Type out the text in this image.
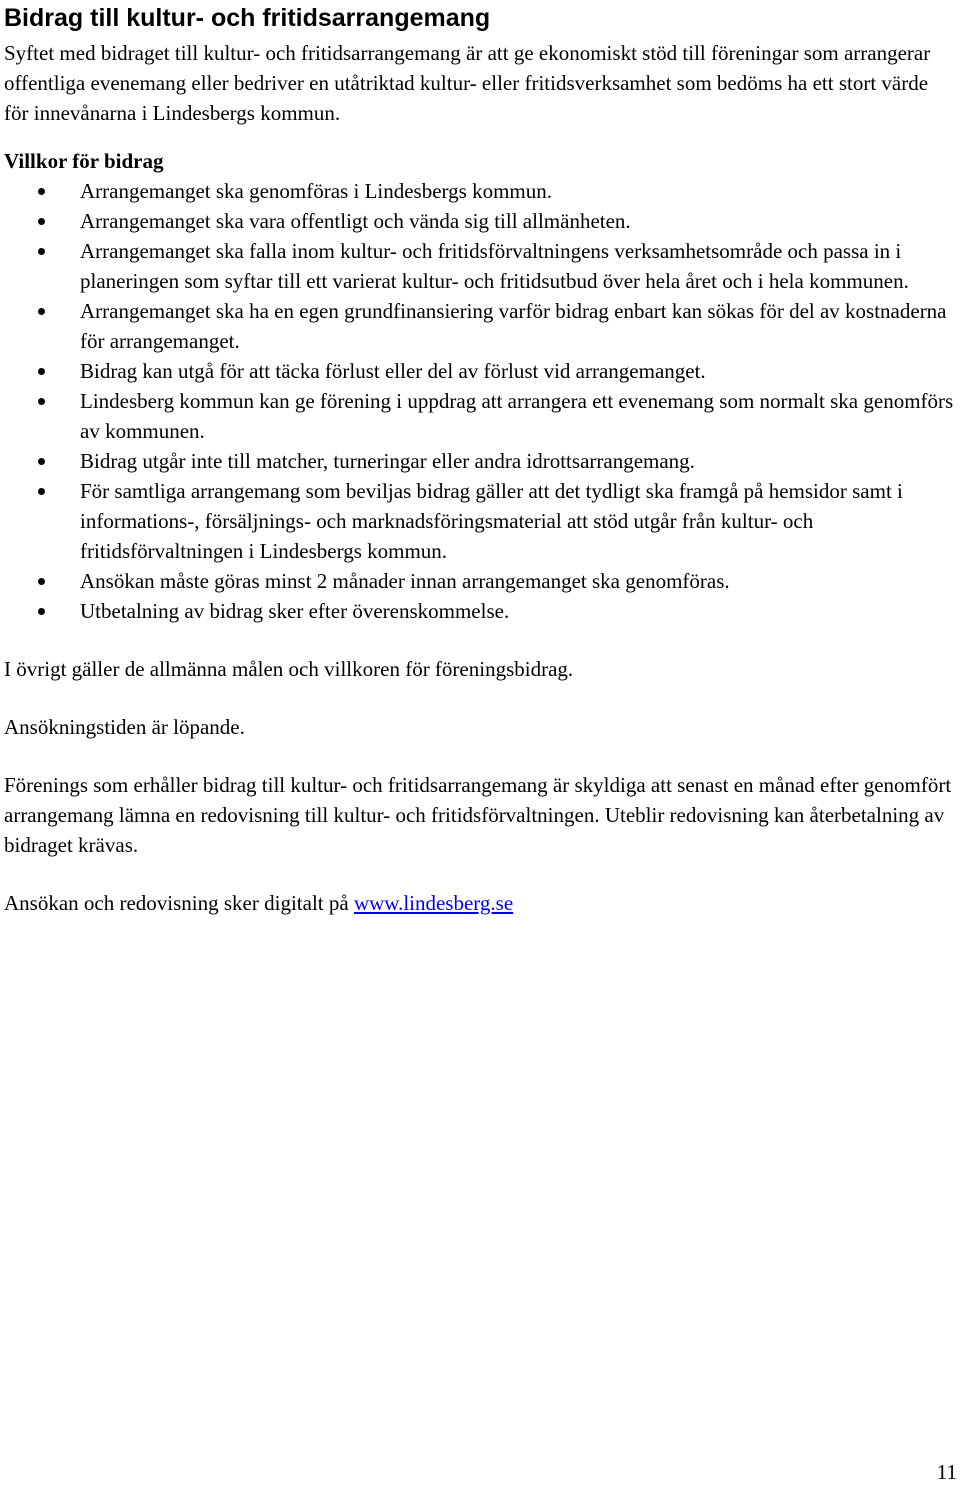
Bidrag till kultur- och fritidsarrangemang

Syftet med bidraget till kultur- och fritidsarrangemang är att ge ekonomiskt stöd till föreningar som arrangerar offentliga evenemang eller bedriver en utåtriktad kultur- eller fritidsverksamhet som bedöms ha ett stort värde för innevånarna i Lindesbergs kommun.

Villkor för bidrag
Arrangemanget ska genomföras i Lindesbergs kommun.
Arrangemanget ska vara offentligt och vända sig till allmänheten.
Arrangemanget ska falla inom kultur- och fritidsförvaltningens verksamhetsområde och passa in i planeringen som syftar till ett varierat kultur- och fritidsutbud över hela året och i hela kommunen.
Arrangemanget ska ha en egen grundfinansiering varför bidrag enbart kan sökas för del av kostnaderna för arrangemanget.
Bidrag kan utgå för att täcka förlust eller del av förlust vid arrangemanget.
Lindesberg kommun kan ge förening i uppdrag att arrangera ett evenemang som normalt ska genomförs av kommunen.
Bidrag utgår inte till matcher, turneringar eller andra idrottsarrangemang.
För samtliga arrangemang som beviljas bidrag gäller att det tydligt ska framgå på hemsidor samt i informations-, försäljnings- och marknadsföringsmaterial att stöd utgår från kultur- och fritidsförvaltningen i Lindesbergs kommun.
Ansökan måste göras minst 2 månader innan arrangemanget ska genomföras.
Utbetalning av bidrag sker efter överenskommelse.

I övrigt gäller de allmänna målen och villkoren för föreningsbidrag.

Ansökningstiden är löpande.

Förenings som erhåller bidrag till kultur- och fritidsarrangemang är skyldiga att senast en månad efter genomfört arrangemang lämna en redovisning till kultur- och fritidsförvaltningen. Uteblir redovisning kan återbetalning av bidraget krävas.

Ansökan och redovisning sker digitalt på www.lindesberg.se

11
